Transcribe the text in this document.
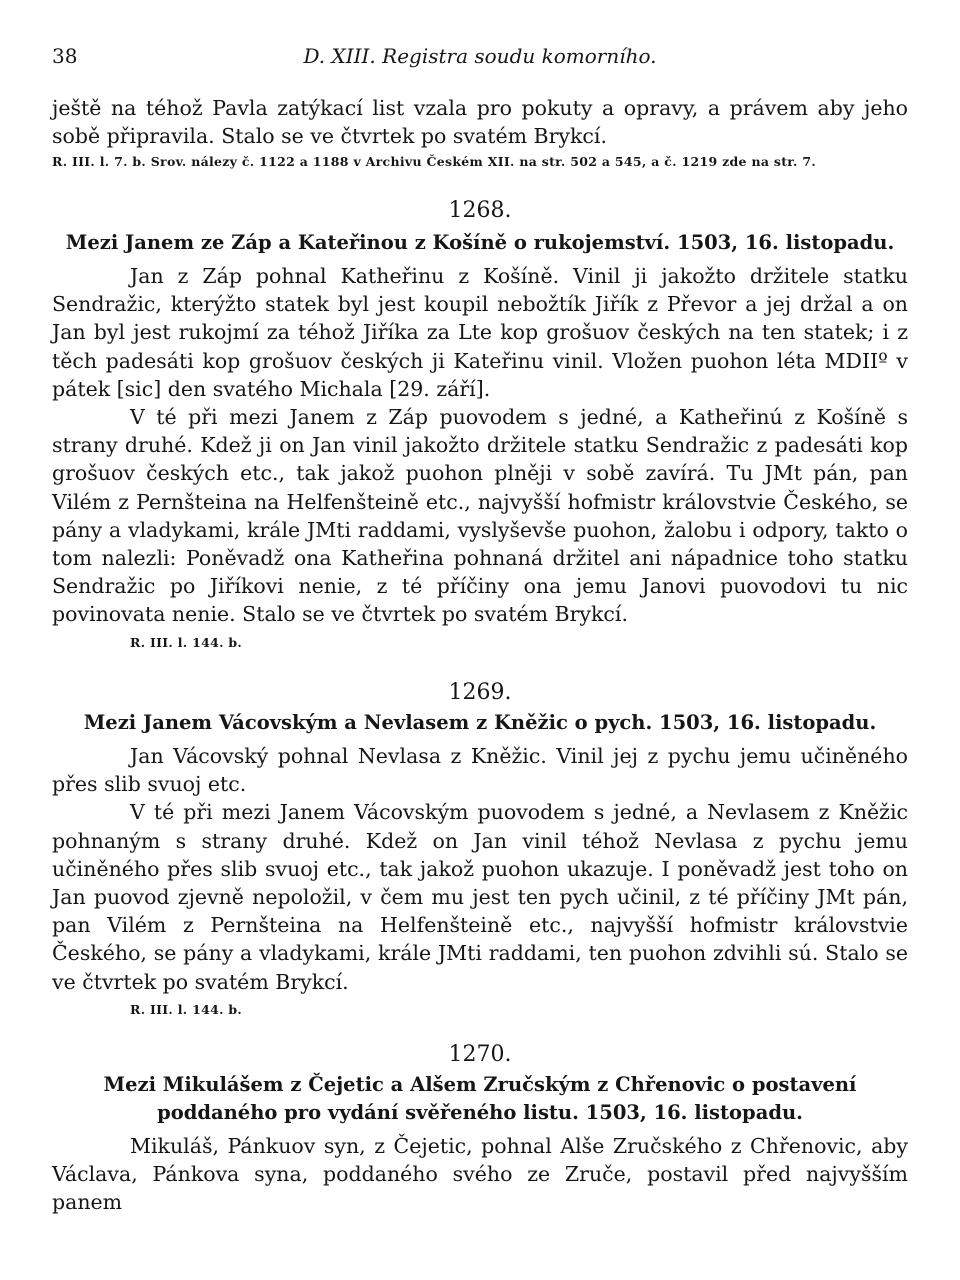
38	D. XIII. Registra soudu komorního.

ještě na téhož Pavla zatýkací list vzala pro pokuty a opravy, a právem aby jeho sobě připravila. Stalo se ve čtvrtek po svatém Brykcí.

R. III. l. 7. b. Srov. nálezy č. 1122 a 1188 v Archivu Českém XII. na str. 502 a 545, a č. 1219 zde na str. 7.

1268.

Mezi Janem ze Záp a Kateřinou z Košíně o rukojemství. 1503, 16. listopadu.

Jan z Záp pohnal Katheřinu z Košíně. Vinil ji jakožto držitele statku Sendražic, kterýžto statek byl jest koupil nebožtík Jiřík z Převor a jej držal a on Jan byl jest rukojmí za téhož Jiříka za Lte kop grošuov českých na ten statek; i z těch padesáti kop grošuov českých ji Kateřinu vinil. Vložen puohon léta MDIIº v pátek [sic] den svatého Michala [29. září].

V té při mezi Janem z Záp puovodem s jedné, a Katheřinú z Košíně s strany druhé. Kdež ji on Jan vinil jakožto držitele statku Sendražic z padesáti kop grošuov českých etc., tak jakož puohon plněji v sobě zavírá. Tu JMt pán, pan Vilém z Pernšteina na Helfenšteině etc., najvyšší hofmistr královstvie Českého, se pány a vladykami, krále JMti raddami, vyslyševše puohon, žalobu i odpory, takto o tom nalezli: Poněvadž ona Katheřina pohnaná držitel ani nápadnice toho statku Sendražic po Jiříkovi nenie, z té příčiny ona jemu Janovi puovodovi tu nic povinovata nenie. Stalo se ve čtvrtek po svatém Brykcí.

R. III. l. 144. b.

1269.

Mezi Janem Vácovským a Nevlasem z Kněžic o pych. 1503, 16. listopadu.

Jan Vácovský pohnal Nevlasa z Kněžic. Vinil jej z pychu jemu učiněného přes slib svuoj etc.

V té při mezi Janem Vácovským puovodem s jedné, a Nevlasem z Kněžic pohnaným s strany druhé. Kdež on Jan vinil téhož Nevlasa z pychu jemu učiněného přes slib svuoj etc., tak jakož puohon ukazuje. I poněvadž jest toho on Jan puovod zjevně nepoložil, v čem mu jest ten pych učinil, z té příčiny JMt pán, pan Vilém z Pernšteina na Helfenšteině etc., najvyšší hofmistr královstvie Českého, se pány a vladykami, krále JMti raddami, ten puohon zdvihli sú. Stalo se ve čtvrtek po svatém Brykcí.

R. III. l. 144. b.

1270.

Mezi Mikulášem z Čejetic a Alšem Zručským z Chřenovic o postavení poddaného pro vydání svěřeného listu. 1503, 16. listopadu.

Mikuláš, Pánkuov syn, z Čejetic, pohnal Alše Zručského z Chřenovic, aby Václava, Pánkova syna, poddaného svého ze Zruče, postavil před najvyšším panem
